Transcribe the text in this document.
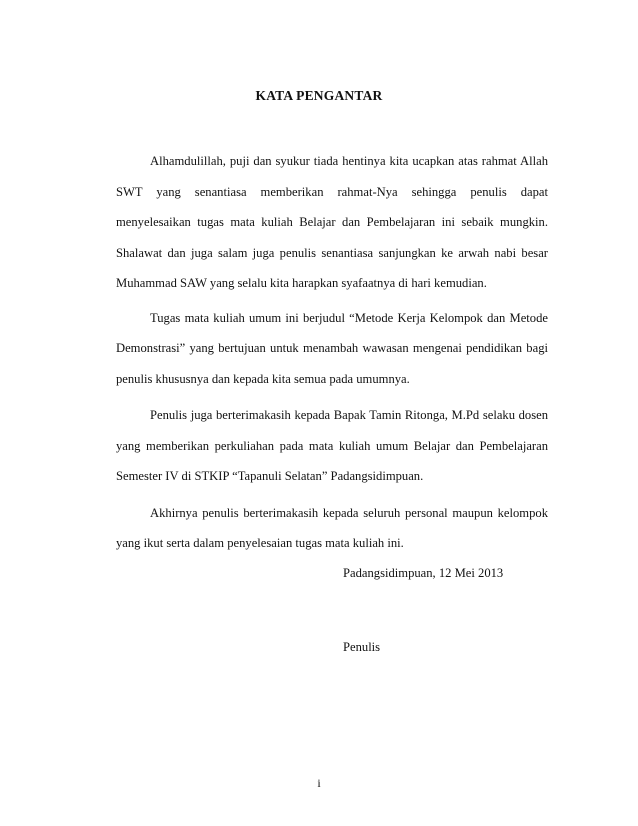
KATA PENGANTAR

Alhamdulillah, puji dan syukur tiada hentinya kita ucapkan atas rahmat Allah SWT yang senantiasa memberikan rahmat-Nya sehingga penulis dapat menyelesaikan tugas mata kuliah Belajar dan Pembelajaran ini sebaik mungkin. Shalawat dan juga salam juga penulis senantiasa sanjungkan ke arwah nabi besar Muhammad SAW yang selalu kita harapkan syafaatnya di hari kemudian.

Tugas mata kuliah umum ini berjudul “Metode Kerja Kelompok dan Metode Demonstrasi” yang bertujuan untuk menambah wawasan mengenai pendidikan bagi penulis khususnya dan kepada kita semua pada umumnya.

Penulis juga berterimakasih kepada Bapak Tamin Ritonga, M.Pd selaku dosen yang memberikan perkuliahan pada mata kuliah umum Belajar dan Pembelajaran Semester IV di STKIP “Tapanuli Selatan” Padangsidimpuan.

Akhirnya penulis berterimakasih kepada seluruh personal maupun kelompok yang ikut serta dalam penyelesaian tugas mata kuliah ini.

Padangsidimpuan, 12 Mei 2013
Penulis
i
